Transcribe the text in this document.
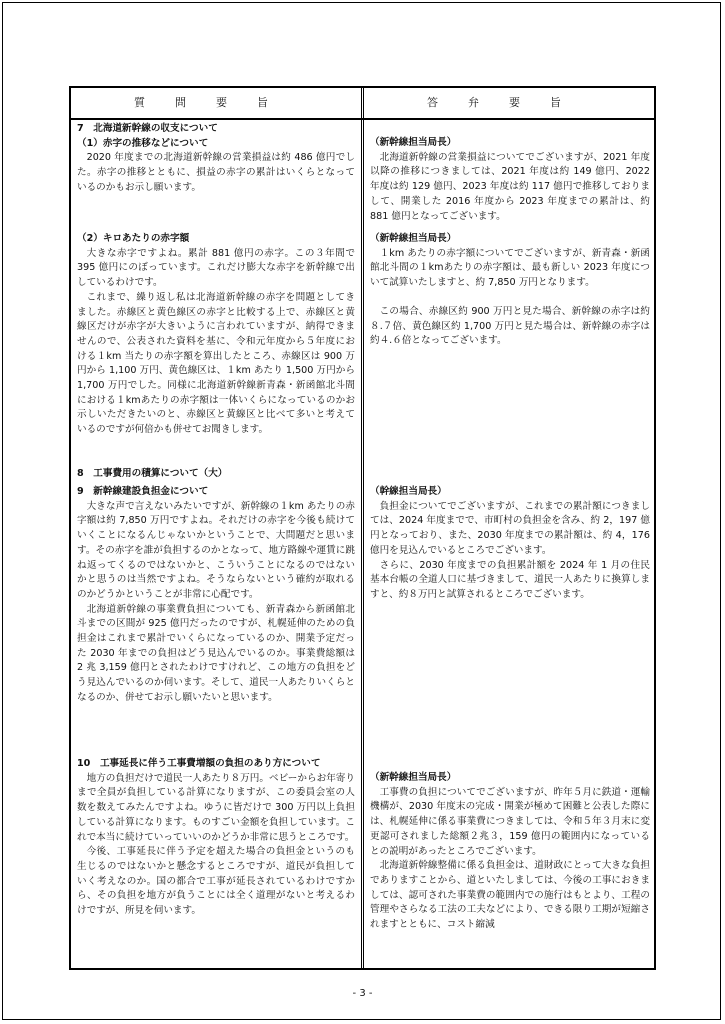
質問要旨	答弁要旨

7　北海道新幹線の収支について

（1）赤字の推移などについて

2020 年度までの北海道新幹線の営業損益は約 486 億円でした。赤字の推移とともに、損益の赤字の累計はいくらとなっているのかもお示し願います。

（新幹線担当局長）

北海道新幹線の営業損益についてでございますが、2021 年度以降の推移につきましては、2021 年度は約 149 億円、2022 年度は約 129 億円、2023 年度は約 117 億円で推移しておりまして、開業した 2016 年度から 2023 年度までの累計は、約 881 億円となってございます。

（2）キロあたりの赤字額

大きな赤字ですよね。累計 881 億円の赤字。この３年間で 395 億円にのぼっています。これだけ膨大な赤字を新幹線で出しているわけです。

これまで、繰り返し私は北海道新幹線の赤字を問題としてきました。赤線区と黄色線区の赤字と比較する上で、赤線区と黄線区だけが赤字が大きいように言われていますが、納得できませんので、公表された資料を基に、令和元年度から５年度における１km 当たりの赤字額を算出したところ、赤線区は 900 万円から 1,100 万円、黄色線区は、１km あたり 1,500 万円から 1,700 万円でした。同様に北海道新幹線新青森・新函館北斗間における１kmあたりの赤字額は一体いくらになっているのかお示しいただきたいのと、赤線区と黄線区と比べて多いと考えているのですが何倍かも併せてお聞きします。

（新幹線担当局長）

１km あたりの赤字額についてでございますが、新青森・新函館北斗間の１kmあたりの赤字額は、最も新しい 2023 年度について試算いたしますと、約 7,850 万円となります。

この場合、赤線区約 900 万円と見た場合、新幹線の赤字は約８.７倍、黄色線区約 1,700 万円と見た場合は、新幹線の赤字は約４.６倍となってございます。

8　工事費用の積算について（大）

9　新幹線建設負担金について

大きな声で言えないみたいですが、新幹線の１km あたりの赤字額は約 7,850 万円ですよね。それだけの赤字を今後も続けていくことになるんじゃないかということで、大問題だと思います。その赤字を誰が負担するのかとなって、地方路線や運賃に跳ね返ってくるのではないかと、こういうことになるのではないかと思うのは当然ですよね。そうならないという確約が取れるのかどうかということが非常に心配です。

北海道新幹線の事業費負担についても、新青森から新函館北斗までの区間が 925 億円だったのですが、札幌延伸のための負担金はこれまで累計でいくらになっているのか、開業予定だった 2030 年までの負担はどう見込んでいるのか。事業費総額は 2 兆 3,159 億円とされたわけですけれど、この地方の負担をどう見込んでいるのか伺います。そして、道民一人あたりいくらとなるのか、併せてお示し願いたいと思います。

（幹線担当局長）

負担金についてでございますが、これまでの累計額につきましては、2024 年度までで、市町村の負担金を含み、約 2，197 億円となっており、また、2030 年度までの累計額は、約 4，176 億円を見込んでいるところでございます。

さらに、2030 年度までの負担累計額を 2024 年 1 月の住民基本台帳の全道人口に基づきまして、道民一人あたりに換算しますと、約８万円と試算されるところでございます。

10　工事延長に伴う工事費増額の負担のあり方について

地方の負担だけで道民一人あたり８万円。ベビーからお年寄りまで全員が負担している計算になりますが、この委員会室の人数を数えてみたんですよね。ゆうに皆だけで 300 万円以上負担している計算になります。ものすごい金額を負担しています。これで本当に続けていっていいのかどうか非常に思うところです。

今後、工事延長に伴う予定を超えた場合の負担金というのも生じるのではないかと懸念するところですが、道民が負担していく考えなのか。国の都合で工事が延長されているわけですから、その負担を地方が負うことには全く道理がないと考えるわけですが、所見を伺います。

（新幹線担当局長）

工事費の負担についてでございますが、昨年５月に鉄道・運輸機構が、2030 年度末の完成・開業が極めて困難と公表した際には、札幌延伸に係る事業費につきましては、令和５年３月末に変更認可されました総額２兆３，159 億円の範囲内になっているとの説明があったところでございます。

北海道新幹線整備に係る負担金は、道財政にとって大きな負担でありますことから、道といたしましては、今後の工事におきましては、認可された事業費の範囲内での施行はもとより、工程の管理やさらなる工法の工夫などにより、できる限り工期が短縮されますとともに、コスト縮減

- 3 -
